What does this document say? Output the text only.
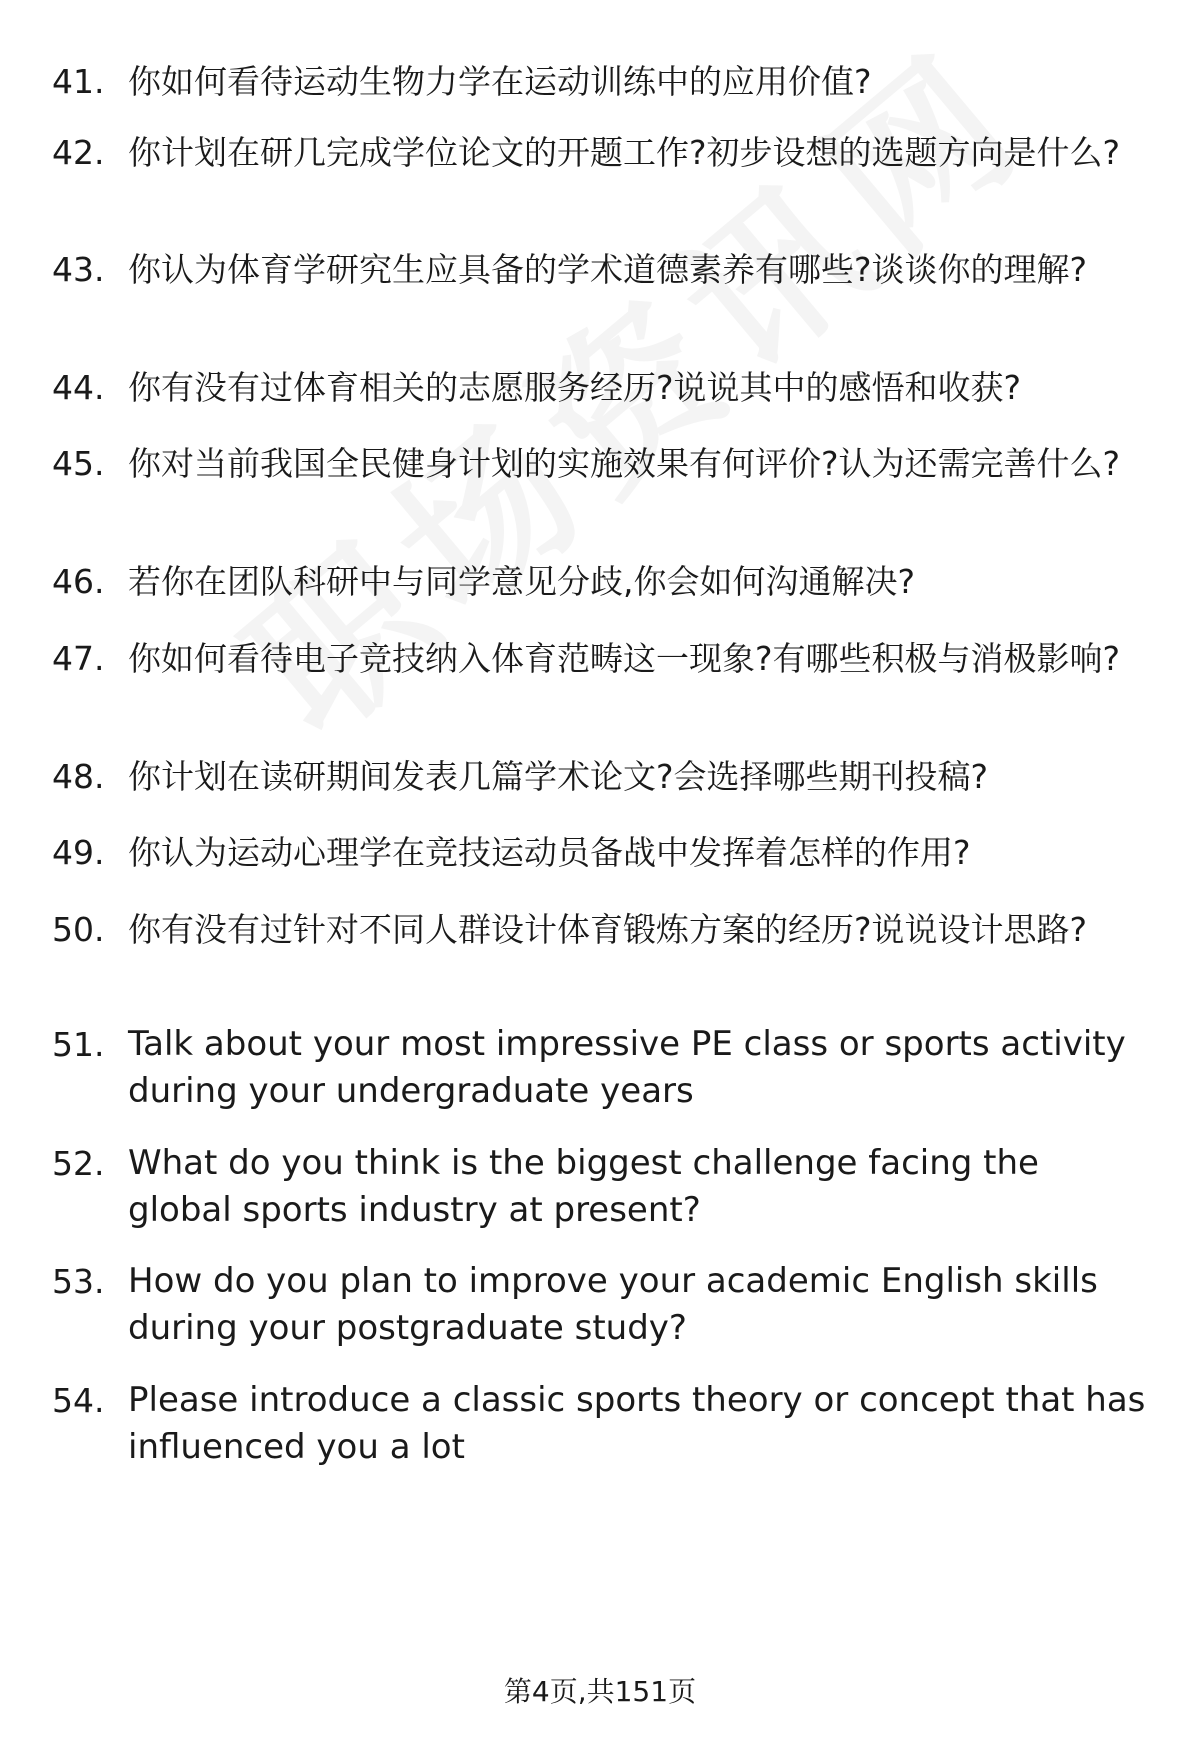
41. 你如何看待运动生物力学在运动训练中的应用价值?
42. 你计划在研几完成学位论文的开题工作?初步设想的选题方向是什么?
43. 你认为体育学研究生应具备的学术道德素养有哪些?谈谈你的理解?
44. 你有没有过体育相关的志愿服务经历?说说其中的感悟和收获?
45. 你对当前我国全民健身计划的实施效果有何评价?认为还需完善什么?
46. 若你在团队科研中与同学意见分歧,你会如何沟通解决?
47. 你如何看待电子竞技纳入体育范畴这一现象?有哪些积极与消极影响?
48. 你计划在读研期间发表几篇学术论文?会选择哪些期刊投稿?
49. 你认为运动心理学在竞技运动员备战中发挥着怎样的作用?
50. 你有没有过针对不同人群设计体育锻炼方案的经历?说说设计思路?
51. Talk about your most impressive PE class or sports activity during your undergraduate years
52. What do you think is the biggest challenge facing the global sports industry at present?
53. How do you plan to improve your academic English skills during your postgraduate study?
54. Please introduce a classic sports theory or concept that has influenced you a lot
第4页,共151页
